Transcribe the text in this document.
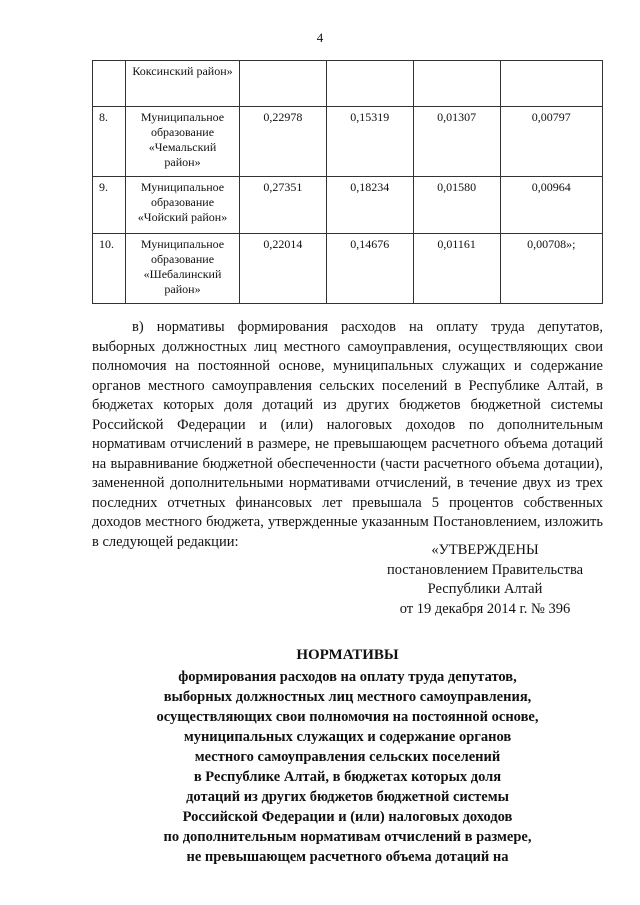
4
	Коксинский район»				
8.	Муниципальное образование «Чемальский район»	0,22978	0,15319	0,01307	0,00797
9.	Муниципальное образование «Чойский район»	0,27351	0,18234	0,01580	0,00964
10.	Муниципальное образование «Шебалинский район»	0,22014	0,14676	0,01161	0,00708»;
в) нормативы формирования расходов на оплату труда депутатов, выборных должностных лиц местного самоуправления, осуществляющих свои полномочия на постоянной основе, муниципальных служащих и содержание органов местного самоуправления сельских поселений в Республике Алтай, в бюджетах которых доля дотаций из других бюджетов бюджетной системы Российской Федерации и (или) налоговых доходов по дополнительным нормативам отчислений в размере, не превышающем расчетного объема дотаций на выравнивание бюджетной обеспеченности (части расчетного объема дотации), замененной дополнительными нормативами отчислений, в течение двух из трех последних отчетных финансовых лет превышала 5 процентов собственных доходов местного бюджета, утвержденные указанным Постановлением, изложить в следующей редакции:
«УТВЕРЖДЕНЫ
постановлением Правительства
Республики Алтай
от 19 декабря 2014 г. № 396
НОРМАТИВЫ
формирования расходов на оплату труда депутатов,
выборных должностных лиц местного самоуправления,
осуществляющих свои полномочия на постоянной основе,
муниципальных служащих и содержание органов
местного самоуправления сельских поселений
в Республике Алтай, в бюджетах которых доля
дотаций из других бюджетов бюджетной системы
Российской Федерации и (или) налоговых доходов
по дополнительным нормативам отчислений в размере,
не превышающем расчетного объема дотаций на
